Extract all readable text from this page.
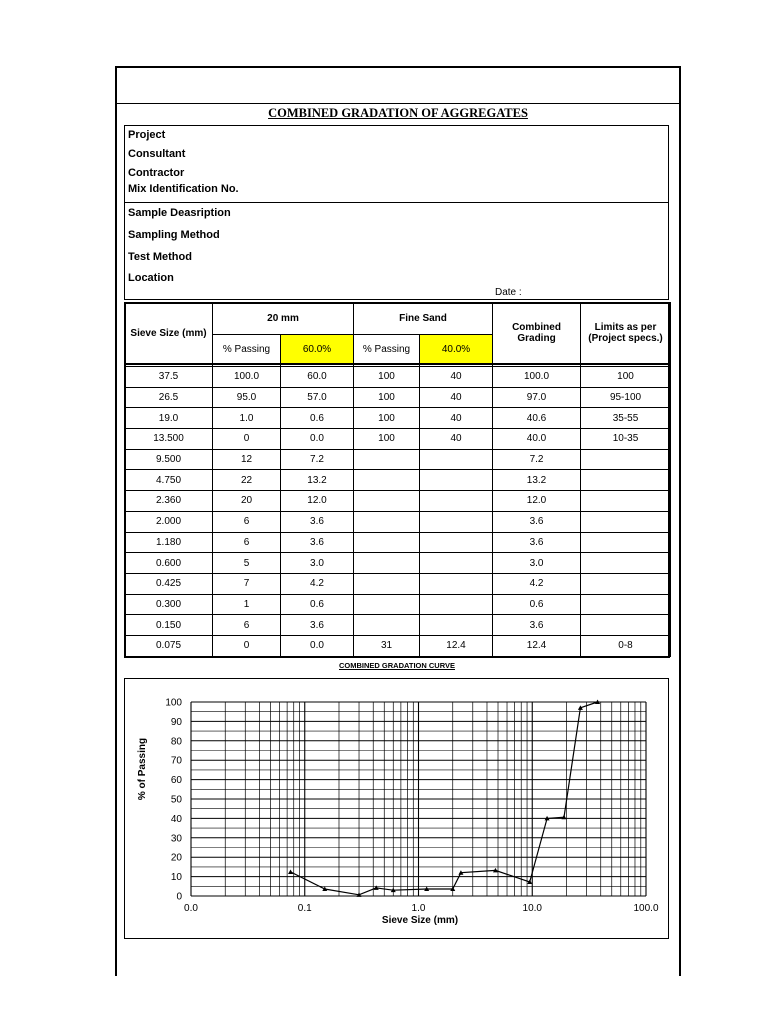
COMBINED GRADATION OF AGGREGATES
Project
Consultant
Contractor
Mix Identification No.
Sample Deasription
Sampling Method
Test Method
Location
Date :
Sieve Size (mm)	20 mm		Fine Sand		Combined Grading	Limits as per (Project specs.)
	% Passing	60.0%	% Passing	40.0%		

37.5	100.0	60.0	100	40	100.0	100
26.5	95.0	57.0	100	40	97.0	95-100
19.0	1.0	0.6	100	40	40.6	35-55
13.500	0	0.0	100	40	40.0	10-35
9.500	12	7.2			7.2	
4.750	22	13.2			13.2	
2.360	20	12.0			12.0	
2.000	6	3.6			3.6	
1.180	6	3.6			3.6	
0.600	5	3.0			3.0	
0.425	7	4.2			4.2	
0.300	1	0.6			0.6	
0.150	6	3.6			3.6	
0.075	0	0.0	31	12.4	12.4	0-8
COMBINED GRADATION CURVE
0
10
20
30
40
50
60
70
80
90
100
0.0	0.1	1.0	10.0	100.0
Sieve Size (mm)
% of Passing
